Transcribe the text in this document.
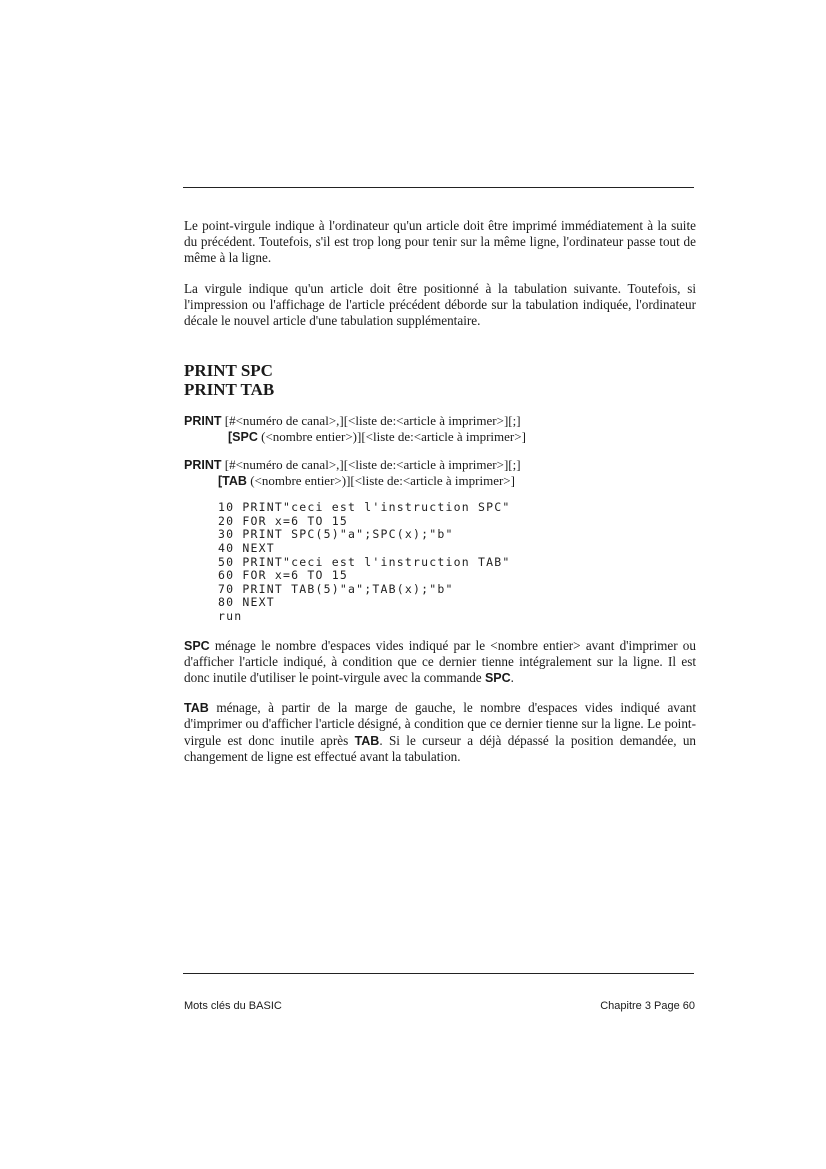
Le point-virgule indique à l'ordinateur qu'un article doit être imprimé immédiatement à la suite du précédent. Toutefois, s'il est trop long pour tenir sur la même ligne, l'ordinateur passe tout de même à la ligne.

La virgule indique qu'un article doit être positionné à la tabulation suivante. Toutefois, si l'impression ou l'affichage de l'article précédent déborde sur la tabulation indiquée, l'ordinateur décale le nouvel article d'une tabulation supplémentaire.

PRINT SPC
PRINT TAB
PRINT [#<numéro de canal>,][<liste de:<article à imprimer>][;]
[SPC (<nombre entier>)][<liste de:<article à imprimer>]
PRINT [#<numéro de canal>,][<liste de:<article à imprimer>][;]
[TAB (<nombre entier>)][<liste de:<article à imprimer>]
10 PRINT"ceci est l'instruction SPC"
20 FOR x=6 TO 15
30 PRINT SPC(5)"a";SPC(x);"b"
40 NEXT
50 PRINT"ceci est l'instruction TAB"
60 FOR x=6 TO 15
70 PRINT TAB(5)"a";TAB(x);"b"
80 NEXT
run

SPC ménage le nombre d'espaces vides indiqué par le <nombre entier> avant d'imprimer ou d'afficher l'article indiqué, à condition que ce dernier tienne intégralement sur la ligne. Il est donc inutile d'utiliser le point-virgule avec la commande SPC.

TAB ménage, à partir de la marge de gauche, le nombre d'espaces vides indiqué avant d'imprimer ou d'afficher l'article désigné, à condition que ce dernier tienne sur la ligne. Le point-virgule est donc inutile après TAB. Si le curseur a déjà dépassé la position demandée, un changement de ligne est effectué avant la tabulation.

Mots clés du BASIC	Chapitre 3 Page 60
